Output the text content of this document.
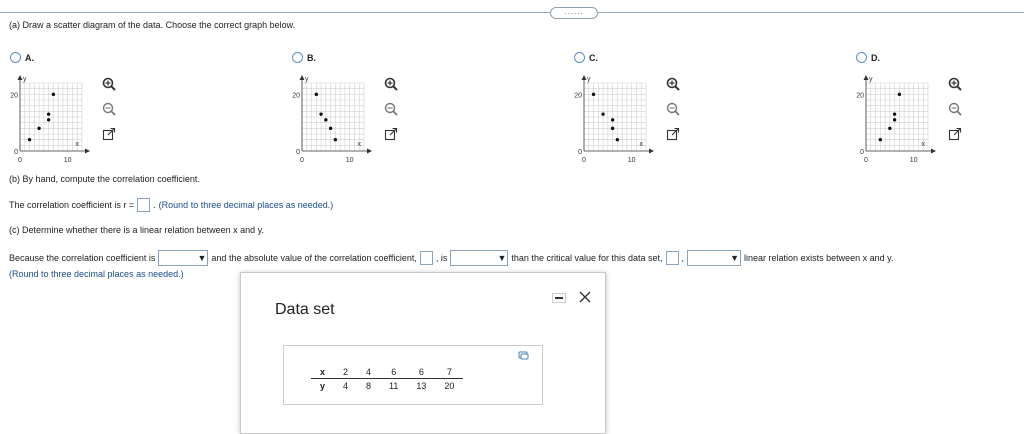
......
(a) Draw a scatter diagram of the data. Choose the correct graph below.
A.
y
20
0
0	10
x
B.
y
20
0
0	10
x
C.
y
20
0
0	10
x
D.
y
20
0
0	10
x
(b) By hand, compute the correlation coefficient.
The correlation coefficient is r = . (Round to three decimal places as needed.)
(c) Determine whether there is a linear relation between x and y.
Because the correlation coefficient is	▼ and the absolute value of the correlation coefficient, , is	▼ than the critical value for this data set, ,	▼ linear relation exists between x and y.
(Round to three decimal places as needed.)
Data set
x	2	4	6	6	7
y	4	8	11	13	20
